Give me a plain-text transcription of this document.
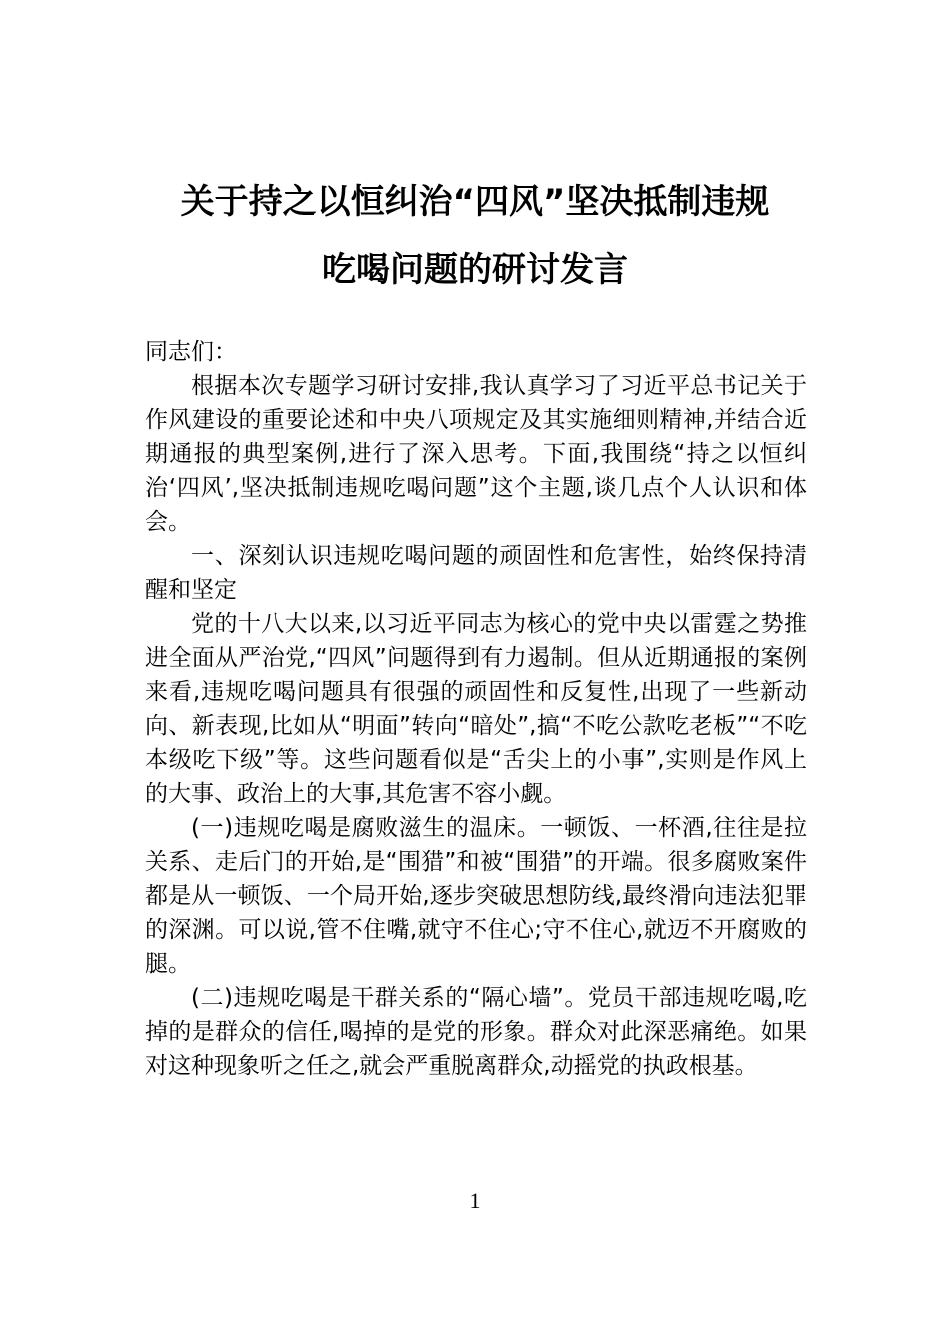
关于持之以恒纠治“四风”坚决抵制违规
吃喝问题的研讨发言

同志们：

根据本次专题学习研讨安排,我认真学习了习近平总书记关于作风建设的重要论述和中央八项规定及其实施细则精神,并结合近期通报的典型案例,进行了深入思考。下面,我围绕“持之以恒纠治‘四风’,坚决抵制违规吃喝问题”这个主题,谈几点个人认识和体会。

一、深刻认识违规吃喝问题的顽固性和危害性，始终保持清醒和坚定

党的十八大以来,以习近平同志为核心的党中央以雷霆之势推进全面从严治党,“四风”问题得到有力遏制。但从近期通报的案例来看,违规吃喝问题具有很强的顽固性和反复性,出现了一些新动向、新表现,比如从“明面”转向“暗处”,搞“不吃公款吃老板”“不吃本级吃下级”等。这些问题看似是“舌尖上的小事”,实则是作风上的大事、政治上的大事,其危害不容小觑。

(一)违规吃喝是腐败滋生的温床。一顿饭、一杯酒,往往是拉关系、走后门的开始,是“围猎”和被“围猎”的开端。很多腐败案件都是从一顿饭、一个局开始,逐步突破思想防线,最终滑向违法犯罪的深渊。可以说,管不住嘴,就守不住心;守不住心,就迈不开腐败的腿。

(二)违规吃喝是干群关系的“隔心墙”。党员干部违规吃喝,吃掉的是群众的信任,喝掉的是党的形象。群众对此深恶痛绝。如果对这种现象听之任之,就会严重脱离群众,动摇党的执政根基。

1
